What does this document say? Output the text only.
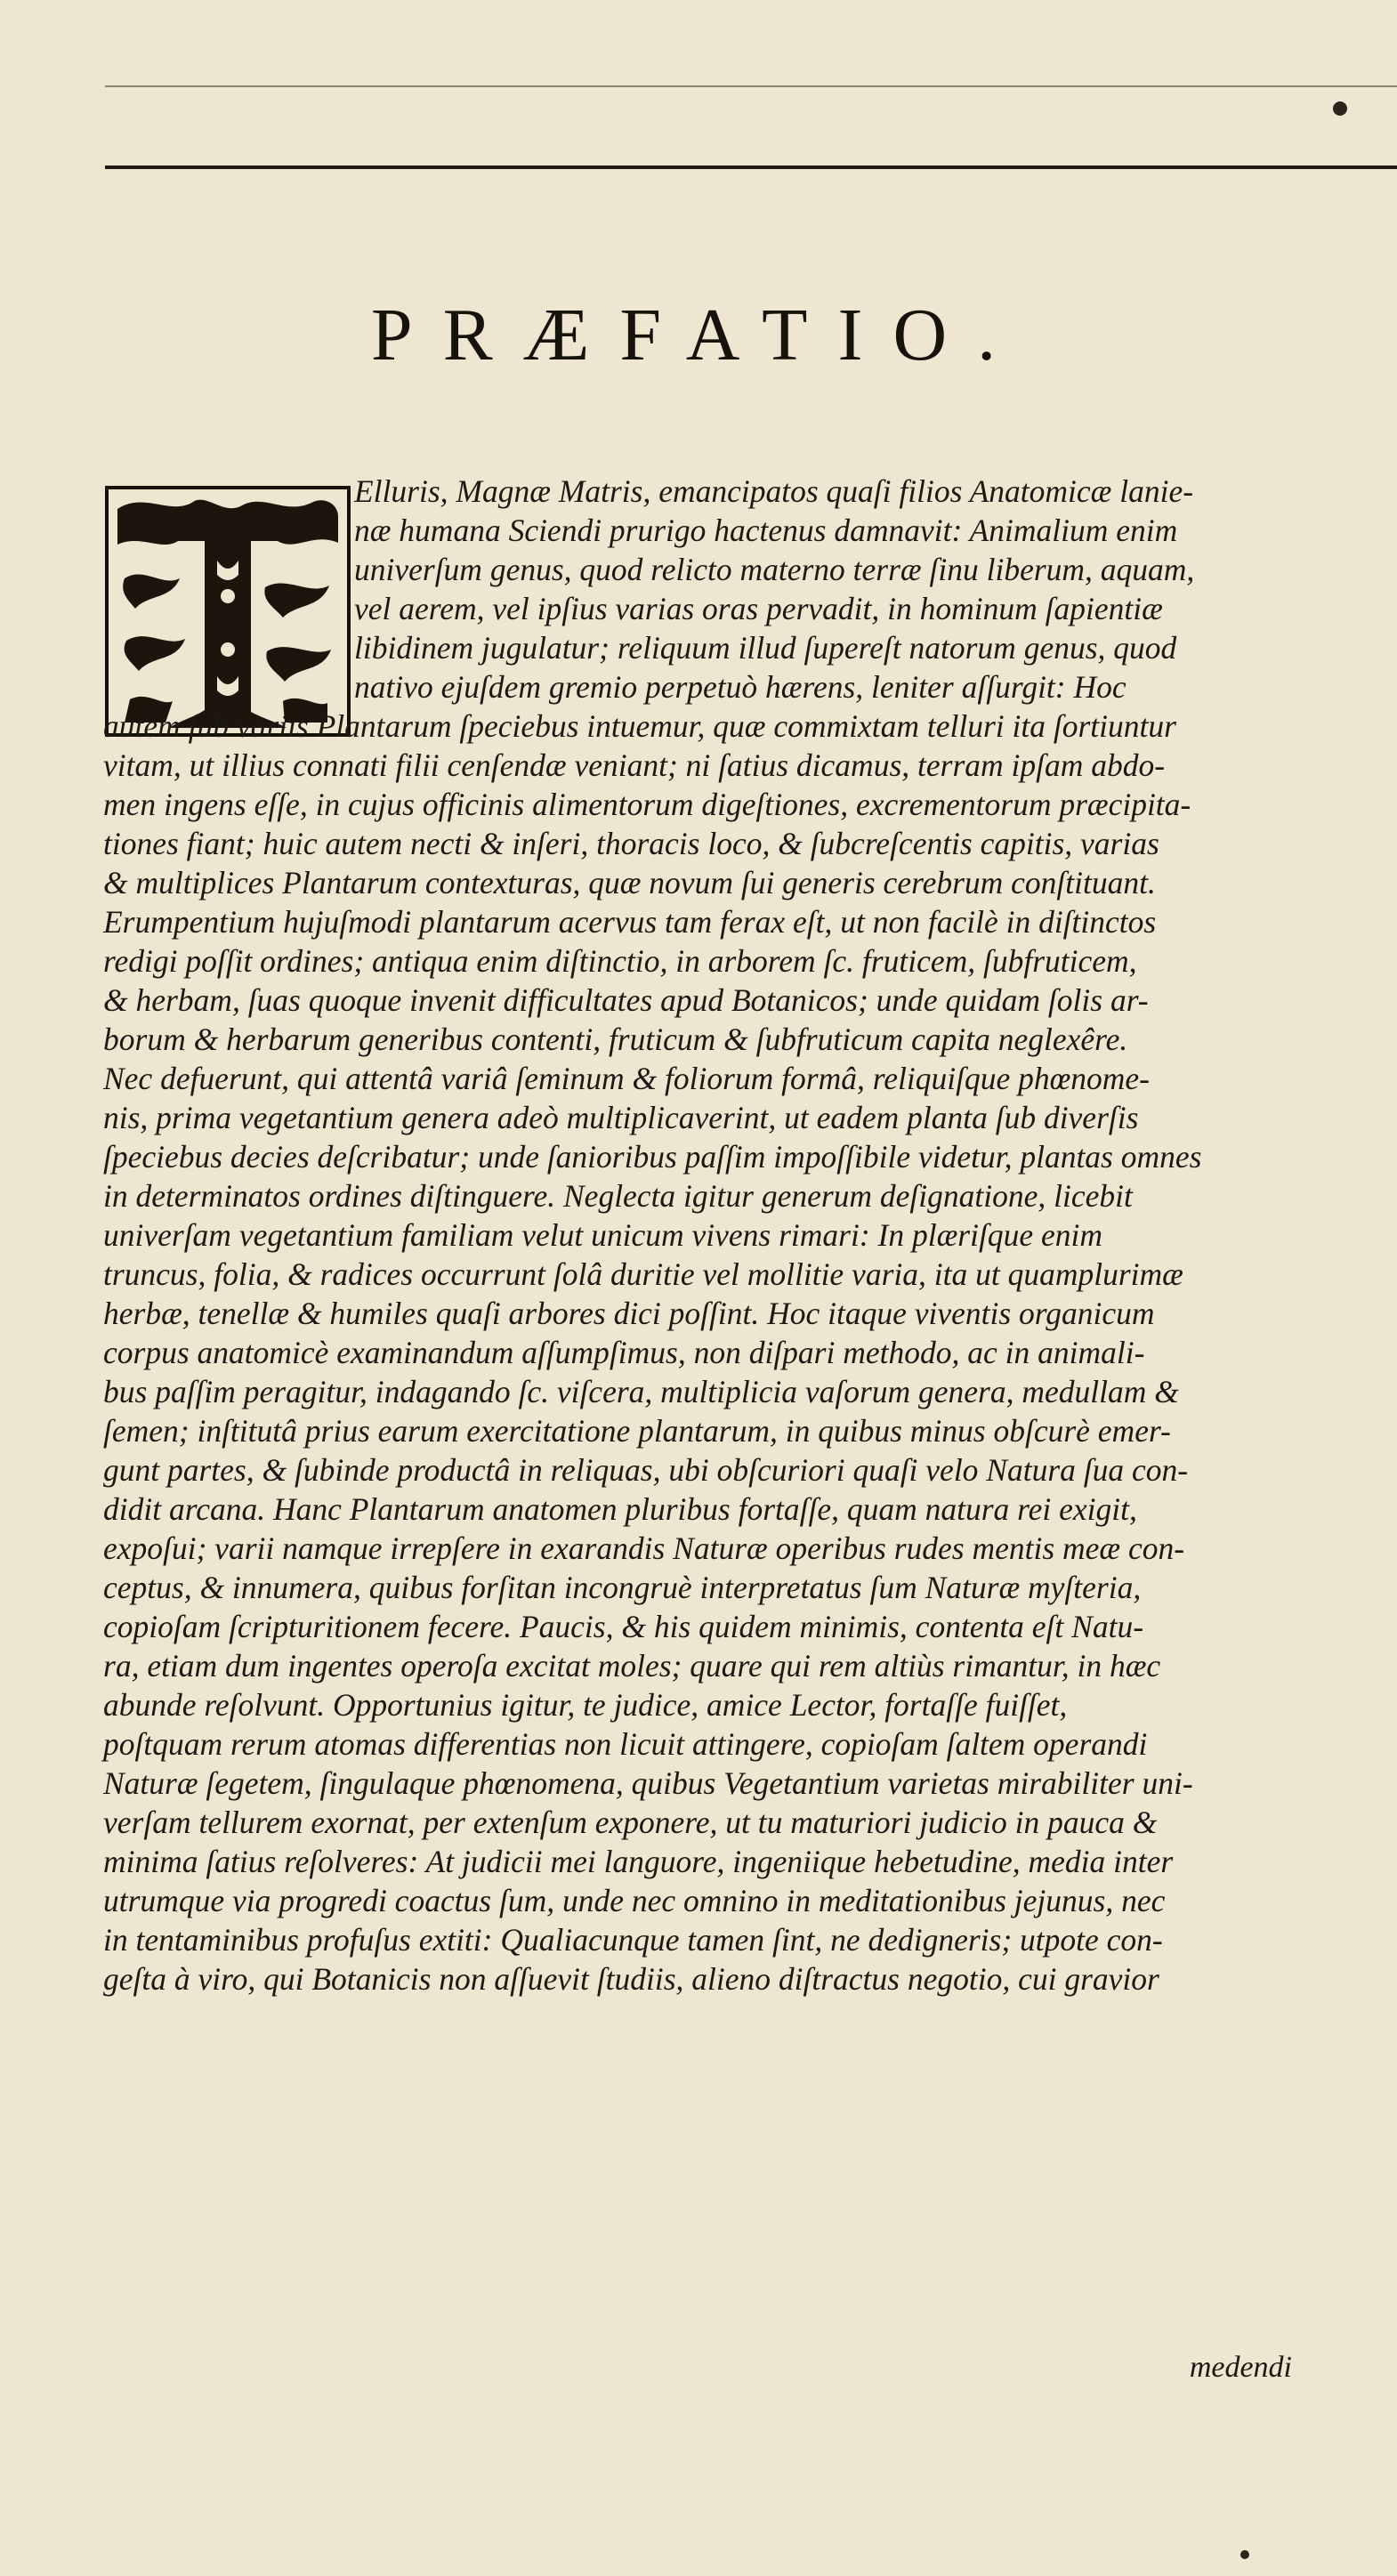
PRÆFATIO.
Elluris, Magnæ Matris, emancipatos quaſi filios Anatomicæ lanie-
næ humana Sciendi prurigo hactenus damnavit: Animalium enim
univerſum genus, quod relicto materno terræ ſinu liberum, aquam,
vel aerem, vel ipſius varias oras pervadit, in hominum ſapientiæ
libidinem jugulatur; reliquum illud ſupereſt natorum genus, quod
nativo ejuſdem gremio perpetuò hærens, leniter aſſurgit: Hoc
autem ſub variis Plantarum ſpeciebus intuemur, quæ commixtam telluri ita ſortiuntur
vitam, ut illius connati filii cenſendæ veniant; ni ſatius dicamus, terram ipſam abdo-
men ingens eſſe, in cujus officinis alimentorum digeſtiones, excrementorum præcipita-
tiones fiant; huic autem necti & inſeri, thoracis loco, & ſubcreſcentis capitis, varias
& multiplices Plantarum contexturas, quæ novum ſui generis cerebrum conſtituant.
Erumpentium hujuſmodi plantarum acervus tam ferax eſt, ut non facilè in diſtinctos
redigi poſſit ordines; antiqua enim diſtinctio, in arborem ſc. fruticem, ſubfruticem,
& herbam, ſuas quoque invenit difficultates apud Botanicos; unde quidam ſolis ar-
borum & herbarum generibus contenti, fruticum & ſubfruticum capita neglexêre.
Nec defuerunt, qui attentâ variâ ſeminum & foliorum formâ, reliquiſque phœnome-
nis, prima vegetantium genera adeò multiplicaverint, ut eadem planta ſub diverſis
ſpeciebus decies deſcribatur; unde ſanioribus paſſim impoſſibile videtur, plantas omnes
in determinatos ordines diſtinguere. Neglecta igitur generum deſignatione, licebit
univerſam vegetantium familiam velut unicum vivens rimari: In plæriſque enim
truncus, folia, & radices occurrunt ſolâ duritie vel mollitie varia, ita ut quamplurimæ
herbæ, tenellæ & humiles quaſi arbores dici poſſint. Hoc itaque viventis organicum
corpus anatomicè examinandum aſſumpſimus, non diſpari methodo, ac in animali-
bus paſſim peragitur, indagando ſc. viſcera, multiplicia vaſorum genera, medullam &
ſemen; inſtitutâ prius earum exercitatione plantarum, in quibus minus obſcurè emer-
gunt partes, & ſubinde productâ in reliquas, ubi obſcuriori quaſi velo Natura ſua con-
didit arcana. Hanc Plantarum anatomen pluribus fortaſſe, quam natura rei exigit,
expoſui; varii namque irrepſere in exarandis Naturæ operibus rudes mentis meæ con-
ceptus, & innumera, quibus forſitan incongruè interpretatus ſum Naturæ myſteria,
copioſam ſcripturitionem fecere. Paucis, & his quidem minimis, contenta eſt Natu-
ra, etiam dum ingentes operoſa excitat moles; quare qui rem altiùs rimantur, in hæc
abunde reſolvunt. Opportunius igitur, te judice, amice Lector, fortaſſe fuiſſet,
poſtquam rerum atomas differentias non licuit attingere, copioſam ſaltem operandi
Naturæ ſegetem, ſingulaque phœnomena, quibus Vegetantium varietas mirabiliter uni-
verſam tellurem exornat, per extenſum exponere, ut tu maturiori judicio in pauca &
minima ſatius reſolveres: At judicii mei languore, ingeniique hebetudine, media inter
utrumque via progredi coactus ſum, unde nec omnino in meditationibus jejunus, nec
in tentaminibus profuſus extiti: Qualiacunque tamen ſint, ne dedigneris; utpote con-
geſta à viro, qui Botanicis non aſſuevit ſtudiis, alieno diſtractus negotio, cui gravior
medendi
